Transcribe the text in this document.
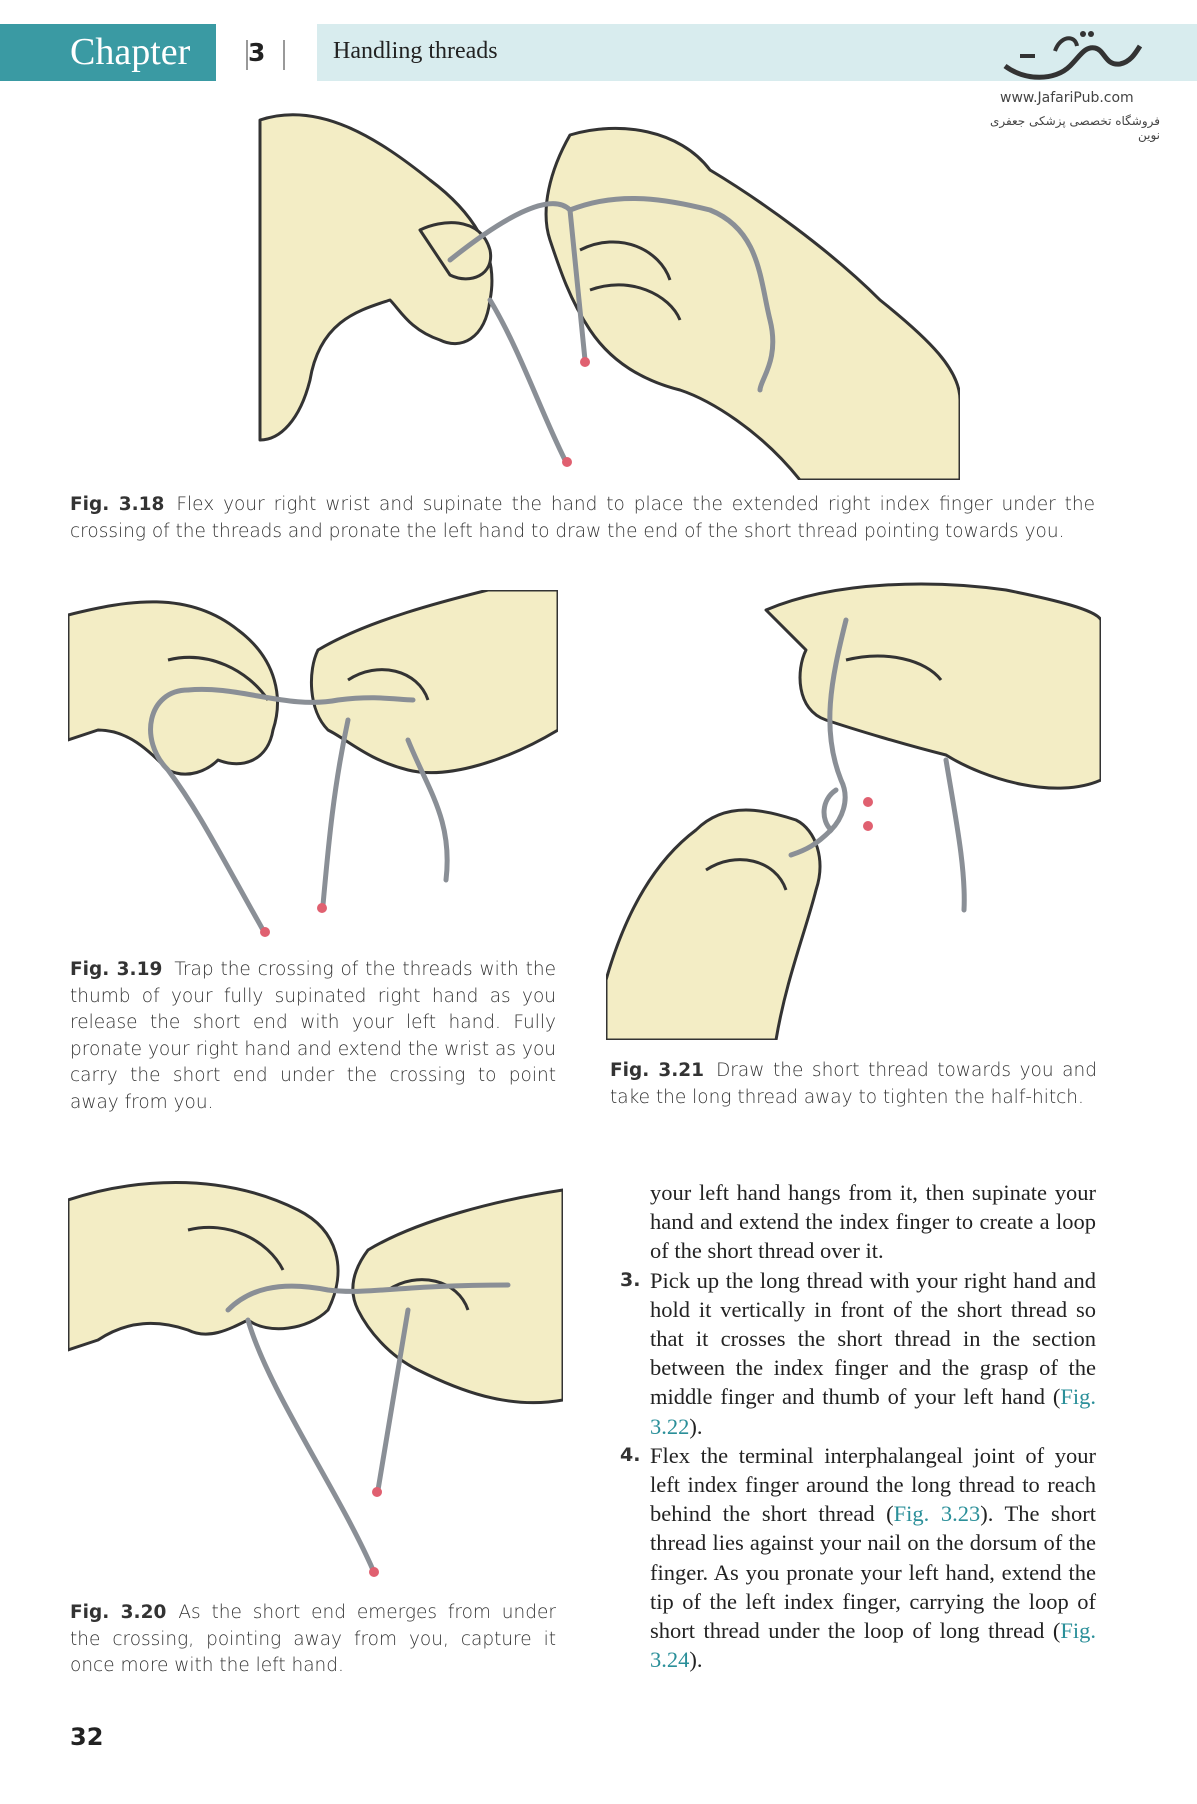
Chapter	3	Handling threads
www.JafariPub.com
فروشگاه تخصصی پزشکی جعفری نوین
Fig. 3.18 Flex your right wrist and supinate the hand to place the extended right index finger under the crossing of the threads and pronate the left hand to draw the end of the short thread pointing towards you.
Fig. 3.19 Trap the crossing of the threads with the thumb of your fully supinated right hand as you release the short end with your left hand. Fully pronate your right hand and extend the wrist as you carry the short end under the crossing to point away from you.
Fig. 3.21 Draw the short thread towards you and take the long thread away to tighten the half-hitch.
Fig. 3.20 As the short end emerges from under the crossing, pointing away from you, capture it once more with the left hand.

your left hand hangs from it, then supinate your hand and extend the index finger to create a loop of the short thread over it.

3. Pick up the long thread with your right hand and hold it vertically in front of the short thread so that it crosses the short thread in the section between the index finger and the grasp of the middle finger and thumb of your left hand (Fig. 3.22).

4. Flex the terminal interphalangeal joint of your left index finger around the long thread to reach behind the short thread (Fig. 3.23). The short thread lies against your nail on the dorsum of the finger. As you pronate your left hand, extend the tip of the left index finger, carrying the loop of short thread under the loop of long thread (Fig. 3.24).

32
